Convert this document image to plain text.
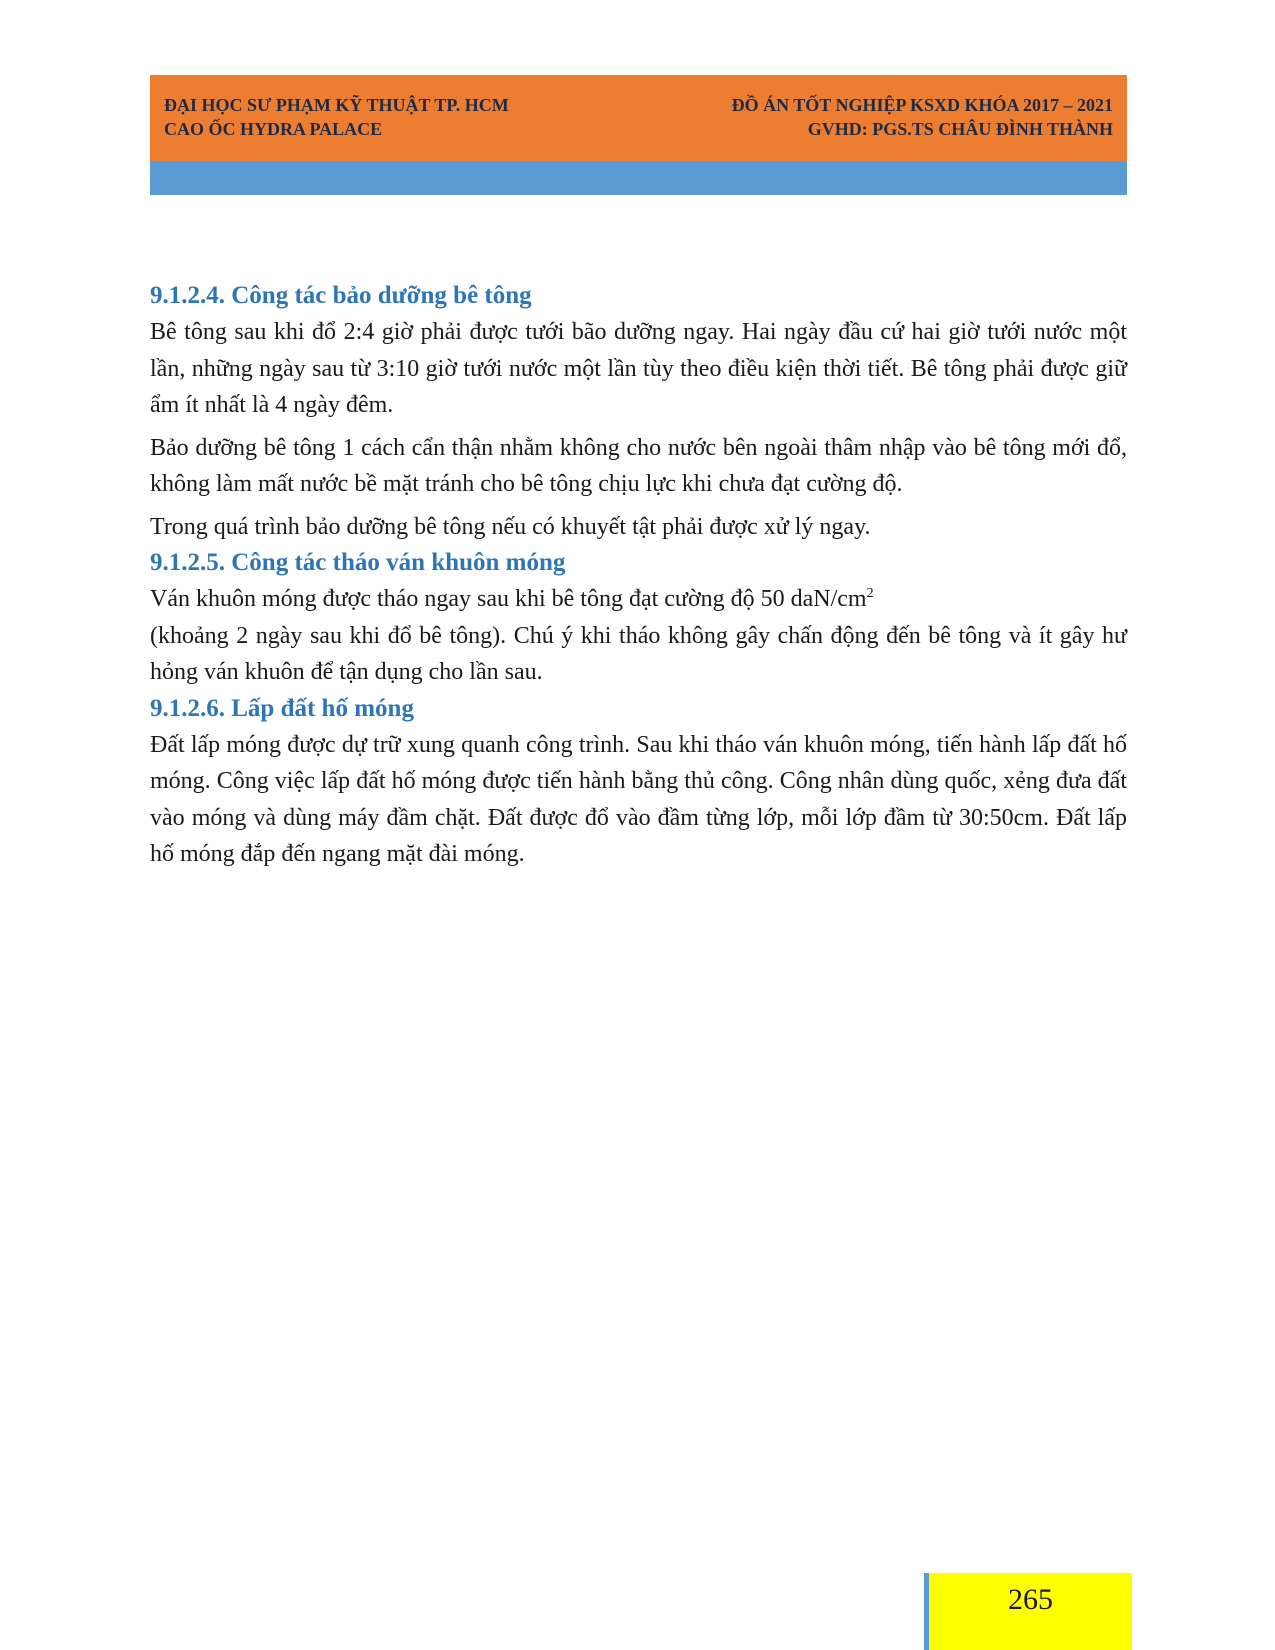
ĐẠI HỌC SƯ PHẠM KỸ THUẬT TP. HCM
CAO ỐC HYDRA PALACE
ĐỒ ÁN TỐT NGHIỆP KSXD KHÓA 2017 – 2021
GVHD: PGS.TS CHÂU ĐÌNH THÀNH
9.1.2.4. Công tác bảo dưỡng bê tông

Bê tông sau khi đổ 2:4 giờ phải được tưới bão dưỡng ngay. Hai ngày đầu cứ hai giờ tưới nước một lần, những ngày sau từ 3:10 giờ tưới nước một lần tùy theo điều kiện thời tiết. Bê tông phải được giữ ẩm ít nhất là 4 ngày đêm.

Bảo dưỡng bê tông 1 cách cẩn thận nhằm không cho nước bên ngoài thâm nhập vào bê tông mới đổ, không làm mất nước bề mặt tránh cho bê tông chịu lực khi chưa đạt cường độ.

Trong quá trình bảo dưỡng bê tông nếu có khuyết tật phải được xử lý ngay.

9.1.2.5. Công tác tháo ván khuôn móng

Ván khuôn móng được tháo ngay sau khi bê tông đạt cường độ 50 daN/$cm^2$

(khoảng 2 ngày sau khi đổ bê tông). Chú ý khi tháo không gây chấn động đến bê tông và ít gây hư hỏng ván khuôn để tận dụng cho lần sau.

9.1.2.6. Lấp đất hố móng

Đất lấp móng được dự trữ xung quanh công trình. Sau khi tháo ván khuôn móng, tiến hành lấp đất hố móng. Công việc lấp đất hố móng được tiến hành bằng thủ công. Công nhân dùng quốc, xẻng đưa đất vào móng và dùng máy đầm chặt. Đất được đổ vào đầm từng lớp, mỗi lớp đầm từ 30:50cm. Đất lấp hố móng đắp đến ngang mặt đài móng.

265
